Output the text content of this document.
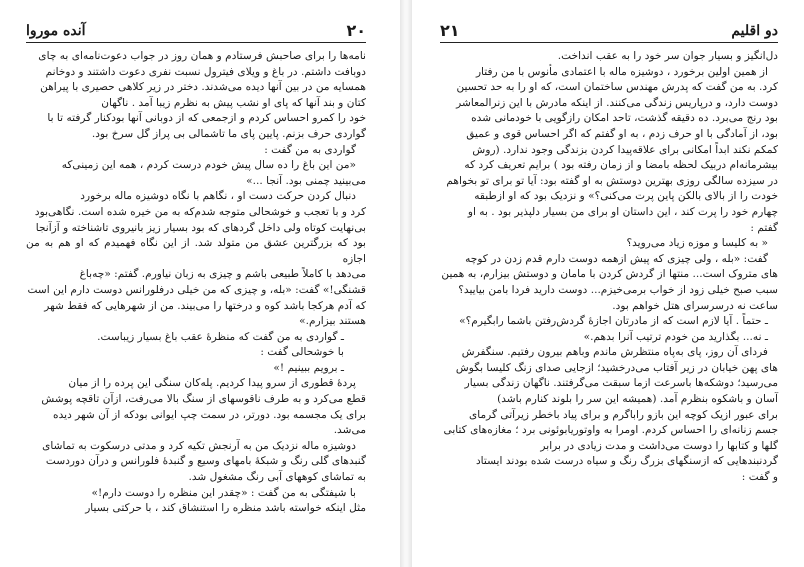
۲۰
آنده موروا

نامه‌ها را برای صاحبش فرستادم و همان روز در جواب دعوت‌نامه‌ای به چای

دوبافت داشتم. در باغ و ویلای فیترول نسبت نفری دعوت داشتند و دوخانم

همسایه من در بین آنها دیده می‌شدند. دختر در زیر کلاهی حصیری با پیراهن

کتان و بند آنها که پای او نشب پیش به نظرم زیبا آمد . ناگهان

خود را کمرو احساس کردم و ازجمعی که از دوبانی آنها بودکنار گرفته تا با

گواردی حرف بزنم. پایین پای ما تاشمالی بی پراز گل سرخ بود.

گواردی به من گفت :

«من این باغ را ده سال پیش خودم درست کردم ، همه این زمینی‌که

می‌بینید چمنی بود. آنجا ...»

دنبال کردن حرکت دست او ، نگاهم با نگاه دوشیزه ماله برخورد

کرد و با تعجب و خوشحالی متوجه شدم‌که به من خیره شده است. نگاهی‌بود

بی‌نهایت کوتاه ولی داخل گردهای که بود بسیار زیز بانیروی تاشناخته و آزآنجا

بود که بزرگترین عشق من متولد شد. از این نگاه فهمیدم که او هم به من اجازه

می‌دهد با کاملاً طبیعی باشم و چیزی به زبان نیاورم. گفتم: «چه‌باغ

قشنگی!» گفت: «بله، و چیزی که من خیلی درفلورانس دوست دارم این است

که آدم هرکجا باشد کوه و درختها را می‌بیند. من از شهرهایی که فقط شهر

هستند بیزارم.»

ـ گواردی به من گفت که منظرهٔ عقب باغ بسیار زیباست.

با خوشحالی گفت :

ـ برویم ببینیم !»

پردهٔ قطوری از سرو پیدا کردیم. پله‌کان سنگی این پرده را از میان

قطع می‌کرد و به طرف ناقوسهای از سنگ بالا می‌رفت، ازآن تاقچه پوشش

برای یک مجسمه بود. دورتر، در سمت چپ ایوانی بودکه از آن شهر دیده

می‌شد.

دوشیزه ماله نزدیک من به آرنجش تکیه کرد و مدتی درسکوت به تماشای

گنبدهای گلی رنگ و شبکهٔ بامهای وسیع و گنبدهٔ فلورانس و درآن دوردست

به تماشای کوههای آبی رنگ مشغول شد.

با شیفتگی به من گفت : «چقدر این منظره را دوست دارم!»

مثل اینکه خواسته باشد منظره را استنشاق کند ، با حرکتی بسیار

دو اقلیم
۲۱

دل‌انگیز و بسیار جوان سر خود را به عقب انداخت.

از همین اولین برخورد ، دوشیزه ماله با اعتمادی مأنوس با من رفتار

کرد. به من گفت که پدرش مهندس ساختمان است، که او را به حد تحسین

دوست دارد، و درپاریس زندگی می‌کنند. از اینکه مادرش با این زنرالمعاشر

بود رنج می‌برد. ده دقیقه گذشت، تاحد امکان رازگویی با خودمانی شده

بود، از آمادگی با او حرف زدم ، به او گفتم که اگر احساس قوی و عمیق

کمکم نکند ابداً امکانی برای علاقه‌پیدا کردن بزندگی وجود ندارد. (روش

بیشرمانه‌ام دربیک لحظه بامضا و از زمان رفته بود ) برایم تعریف کرد که

در سیزده سالگی روزی بهترین دوستش به او گفته بود: آیا تو برای تو بخواهم

خودت را از بالای بالکن پاین پرت می‌کنی؟» و نزدیک بود که او ازطبقه

چهارم خود را پرت کند ، این داستان او برای من بسیار دلپذیر بود . به او

گفتم :

« به کلیسا و موزه زیاد می‌روید؟

گفت: «بله ، ولی چیزی که پیش ازهمه دوست دارم قدم زدن در کوچه

های متروک است... منتها از گردش کردن با مامان و دوستش بیزارم، به همین

سبب صبح خیلی زود از خواب برمی‌خیزم... دوست دارید فردا بامن بیایید؟

ساعت نه درسرسرای هتل خواهم بود.

ـ حتماً . آیا لازم است که از مادرتان اجازهٔ گردش‌رفتن باشما رابگیرم؟»

ـ نه... بگذارید من خودم ترتیب آنرا بدهم.»

فردای آن روز، پای به‌پاه منتظرش ماندم وباهم بیرون رفتیم. سنگفرش

های پهن خیابان در زیر آفتاب می‌درخشید؛ ازجایی صدای زنگ کلیسا بگوش

می‌رسید؛ دوشکه‌ها باسرعت ازما سبقت می‌گرفتند. ناگهان زندگی بسیار

آسان و باشکوه بنظرم آمد. (همیشه این سر را بلوند کنارم باشد)

برای عبور ازیک کوچه این بازو راباگرم و برای پیاد باخطر زیرآتی گرمای

جسم زنانه‌ای را احساس کردم. اومرا به واوتوریابوئونی برد ؛ مغازه‌های کتابی

گلها و کتابها را دوست می‌داشت و مدت زیادی در برابر

گردنبندهایی که ازسنگهای بزرگ رنگ و سیاه درست شده بودند ایستاد

و گفت :
